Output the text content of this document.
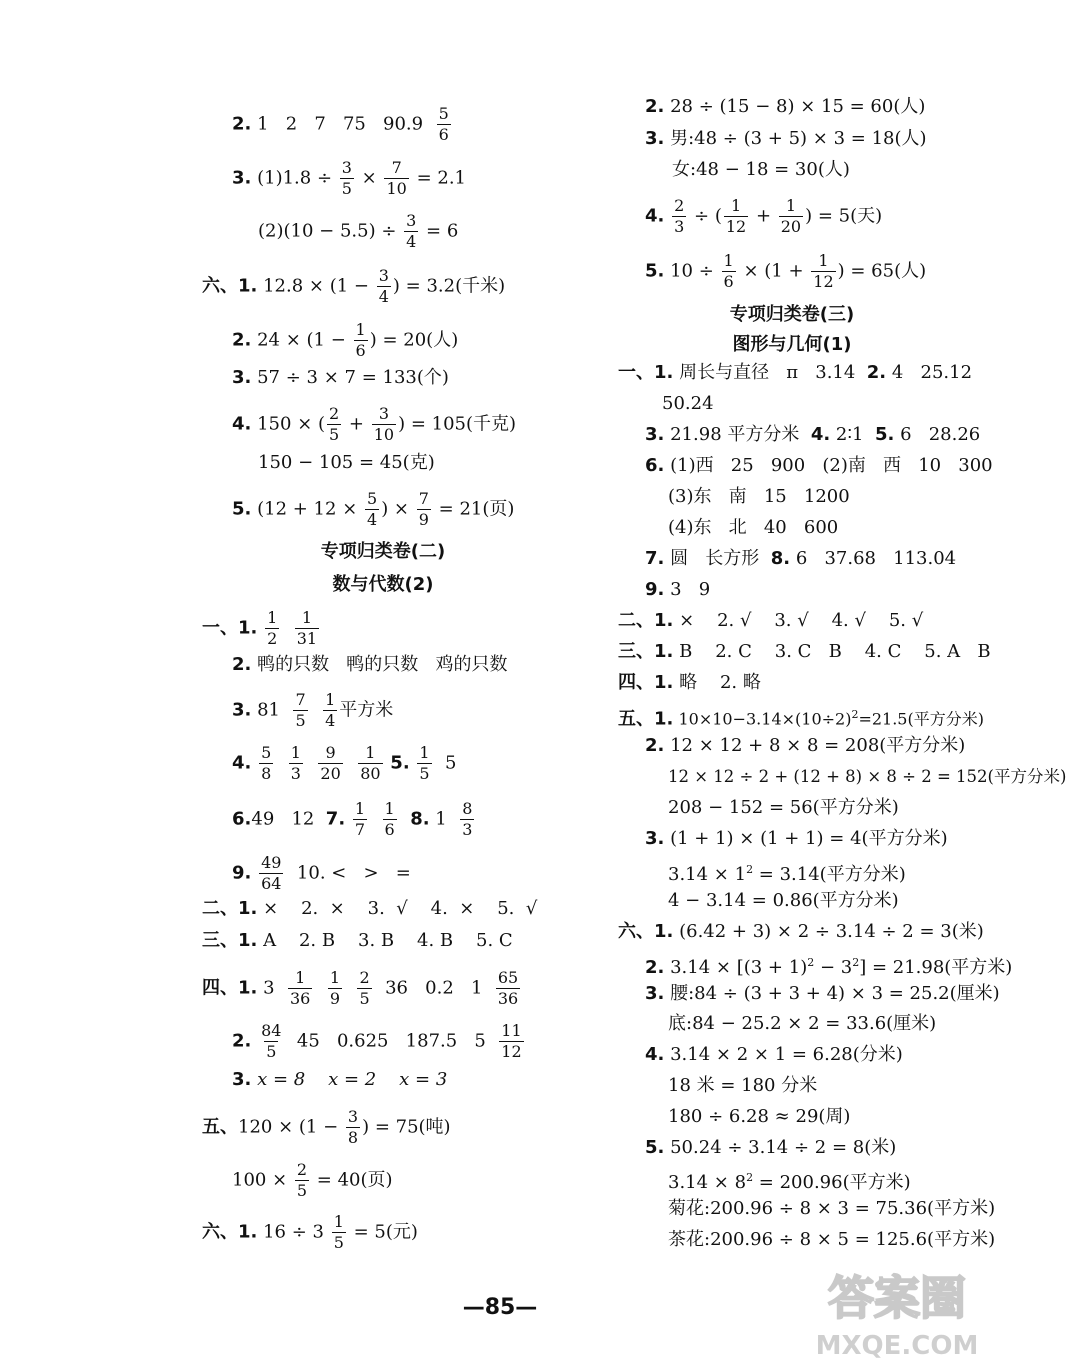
2. 1   2   7   75   $90.9 \frac{5}{6}$
3. $(1)1.8 \div \frac{3}{5} \times \frac{7}{10} = 2.1$
$(2)(10 - 5.5) \div \frac{3}{4} = 6$
六、1. $12.8 \times (1 - \frac{3}{4}$ ) = 3.2(千米)
2. $24 \times (1 - \frac{1}{6}$ ) = 20(人)
3. 57 ÷ 3 × 7 = 133(个)
4. 150 × ( $\frac{2}{5} + \frac{3}{10}$ ) = 105(千克)
150 − 105 = 45(克)
5. ($12 + 12 \times \frac{5}{4}$ ) × $\frac{7}{9} = 21$(页)
专项归类卷(二)
数与代数(2)
一、1. $\frac{1}{2}$
$\frac{1}{31}$
2. 鸭的只数   鸭的只数   鸡的只数
3. $81 \frac{7}{5}$
$\frac{1}{4}$ 平方米
4. $\frac{5}{8}$
$\frac{1}{3}$
$\frac{9}{20}$
$\frac{1}{80} 5$. $\frac{1}{5} 5$
6.49   12  7. $\frac{1}{7}$
$\frac{1}{6} 8$. $1 \frac{8}{3}$
9. $\frac{49}{64} 10$. <   >   =
二、1. ×    2.  ×    3.  √    4.  ×    5.  √
三、1. A    2. B    3. B    4. B    5. C
四、1. $3 \frac{1}{36}$
$\frac{1}{9}$
$\frac{2}{5} 36$   0.2   $1 \frac{65}{36}$
2. $\frac{84}{5} 45$   0.625   187.5   $5 \frac{11}{12}$
3. x = 8    x = 2    x = 3
五、$120 \times (1 - \frac{3}{8}$ ) = 75(吨)
$100 \times \frac{2}{5} = 40$(页)
六、1. $16 \div 3 \frac{1}{5} = 5$(元)
2. 28 ÷ (15 − 8) × 15 = 60(人)
3. 男:48 ÷ (3 + 5) × 3 = 18(人)
女:48 − 18 = 30(人)
4. $\frac{2}{3}$ ÷ ( $\frac{1}{12} + \frac{1}{20}$ ) = 5(天)
5. $10 \div \frac{1}{6} \times (1 + \frac{1}{12}$ ) = 65(人)
专项归类卷(三)
图形与几何(1)
一、1. 周长与直径   π   3.14  2. 4   25.12
50.24
3. 21.98 平方分米  4. 2∶1  5. 6   28.26
6. (1)西   25   900   (2)南   西   10   300
(3)东   南   15   1200
(4)东   北   40   600
7. 圆   长方形  8. 6   37.68   113.04
9. 3   9
二、1. ×    2. √    3. √    4. √    5. √
三、1. B    2. C    3. C   B    4. C    5. A   B
四、1. 略    2. 略
五、1. $10\times 10-3.14\times(10\div 2)^2=21.5$(平方分米)
2. 12 × 12 + 8 × 8 = 208(平方分米)
12 × 12 ÷ 2 + (12 + 8) × 8 ÷ 2 = 152(平方分米)
208 − 152 = 56(平方分米)
3. (1 + 1) × (1 + 1) = 4(平方分米)
$3.14 \times 1^2 = 3.14$(平方分米)
4 − 3.14 = 0.86(平方分米)
六、1. (6.42 + 3) × 2 ÷ 3.14 ÷ 2 = 3(米)
2. $3.14 \times [(3 + 1)^2 - 3^2] = 21.98$(平方米)
3. 腰:84 ÷ (3 + 3 + 4) × 3 = 25.2(厘米)
底:84 − 25.2 × 2 = 33.6(厘米)
4. 3.14 × 2 × 1 = 6.28(分米)
18 米 = 180 分米
180 ÷ 6.28 ≈ 29(周)
5. 50.24 ÷ 3.14 ÷ 2 = 8(米)
$3.14 \times 8^2 = 200.96$(平方米)
菊花:200.96 ÷ 8 × 3 = 75.36(平方米)
茶花:200.96 ÷ 8 × 5 = 125.6(平方米)
—85—	答案圈
MXQE.COM
